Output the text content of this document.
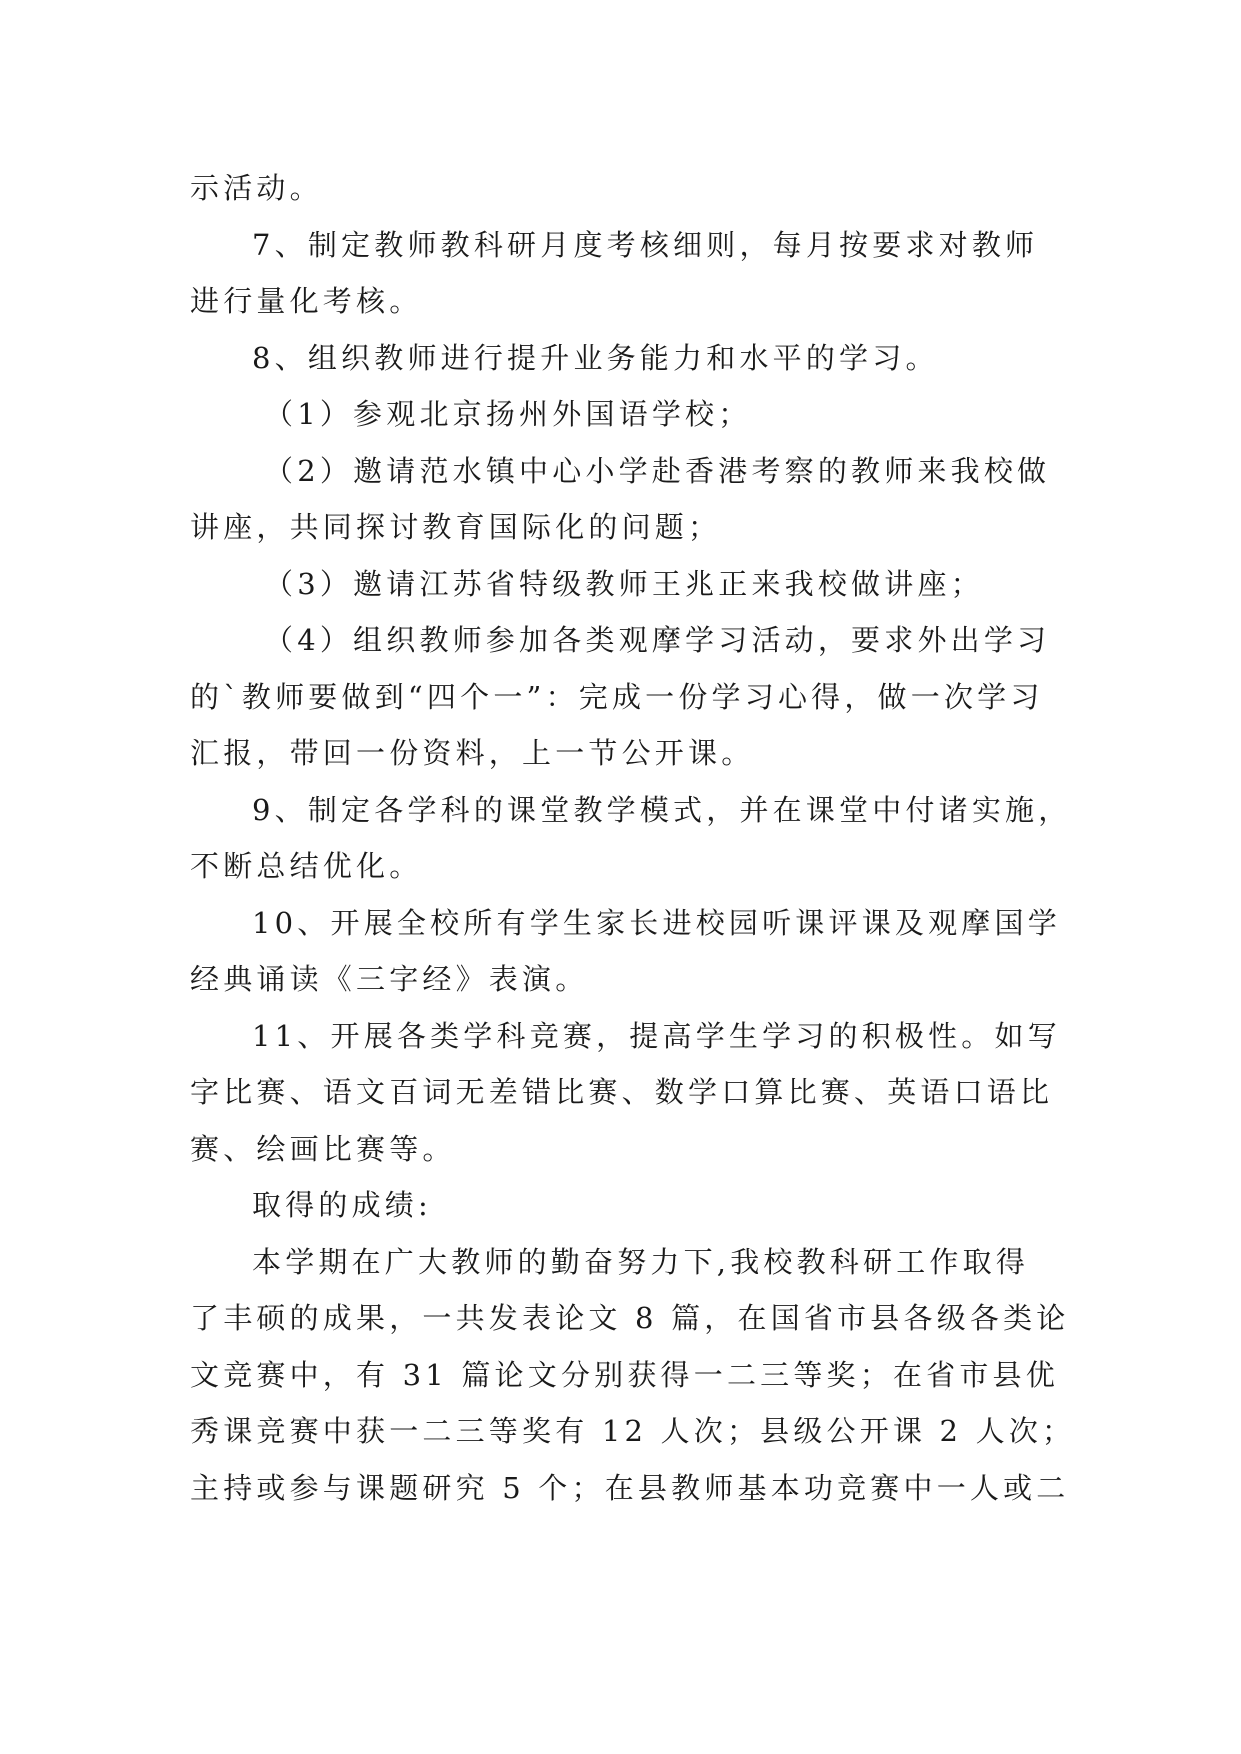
示活动。
7、制定教师教科研月度考核细则，每月按要求对教师
进行量化考核。
8、组织教师进行提升业务能力和水平的学习。
（1）参观北京扬州外国语学校；
（2）邀请范水镇中心小学赴香港考察的教师来我校做
讲座，共同探讨教育国际化的问题；
（3）邀请江苏省特级教师王兆正来我校做讲座；
（4）组织教师参加各类观摩学习活动，要求外出学习
的`教师要做到“四个一”：完成一份学习心得，做一次学习
汇报，带回一份资料，上一节公开课。
9、制定各学科的课堂教学模式，并在课堂中付诸实施，
不断总结优化。
10、开展全校所有学生家长进校园听课评课及观摩国学
经典诵读《三字经》表演。
11、开展各类学科竞赛，提高学生学习的积极性。如写
字比赛、语文百词无差错比赛、数学口算比赛、英语口语比
赛、绘画比赛等。
取得的成绩:
本学期在广大教师的勤奋努力下,我校教科研工作取得
了丰硕的成果，一共发表论文 8 篇，在国省市县各级各类论
文竞赛中，有 31 篇论文分别获得一二三等奖；在省市县优
秀课竞赛中获一二三等奖有 12 人次；县级公开课 2 人次；
主持或参与课题研究 5 个；在县教师基本功竞赛中一人或二
